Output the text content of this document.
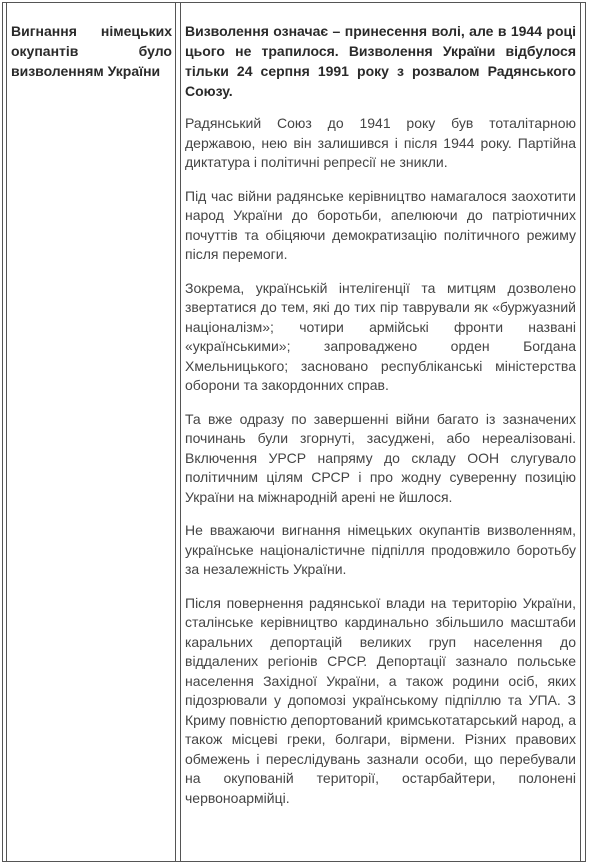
Вигнання німецьких окупантів було визволенням України

Визволення означає – принесення волі, але в 1944 році цього не трапилося. Визволення України відбулося тільки 24 серпня 1991 року з розвалом Радянського Союзу.

Радянський Союз до 1941 року був тоталітарною державою, нею він залишився і після 1944 року. Партійна диктатура і політичні репресії не зникли.

Під час війни радянське керівництво намагалося заохотити народ України до боротьби, апелюючи до патріотичних почуттів та обіцяючи демократизацію політичного режиму після перемоги.

Зокрема, українській інтелігенції та митцям дозволено звертатися до тем, які до тих пір таврували як «буржуазний націоналізм»; чотири армійські фронти названі «українськими»; запроваджено орден Богдана Хмельницького; засновано республіканські міністерства оборони та закордонних справ.

Та вже одразу по завершенні війни багато із зазначених починань були згорнуті, засуджені, або нереалізовані. Включення УРСР напряму до складу ООН слугувало політичним цілям СРСР і про жодну суверенну позицію України на міжнародній арені не йшлося.

Не вважаючи вигнання німецьких окупантів визволенням, українське націоналістичне підпілля продовжило боротьбу за незалежність України.

Після повернення радянської влади на територію України, сталінське керівництво кардинально збільшило масштаби каральних депортацій великих груп населення до віддалених регіонів СРСР. Депортації зазнало польське населення Західної України, а також родини осіб, яких підозрювали у допомозі українському підпіллю та УПА. З Криму повністю депортований кримськотатарський народ, а також місцеві греки, болгари, вірмени. Різних правових обмежень і переслідувань зазнали особи, що перебували на окупованій території, остарбайтери, полонені червоноармійці.
